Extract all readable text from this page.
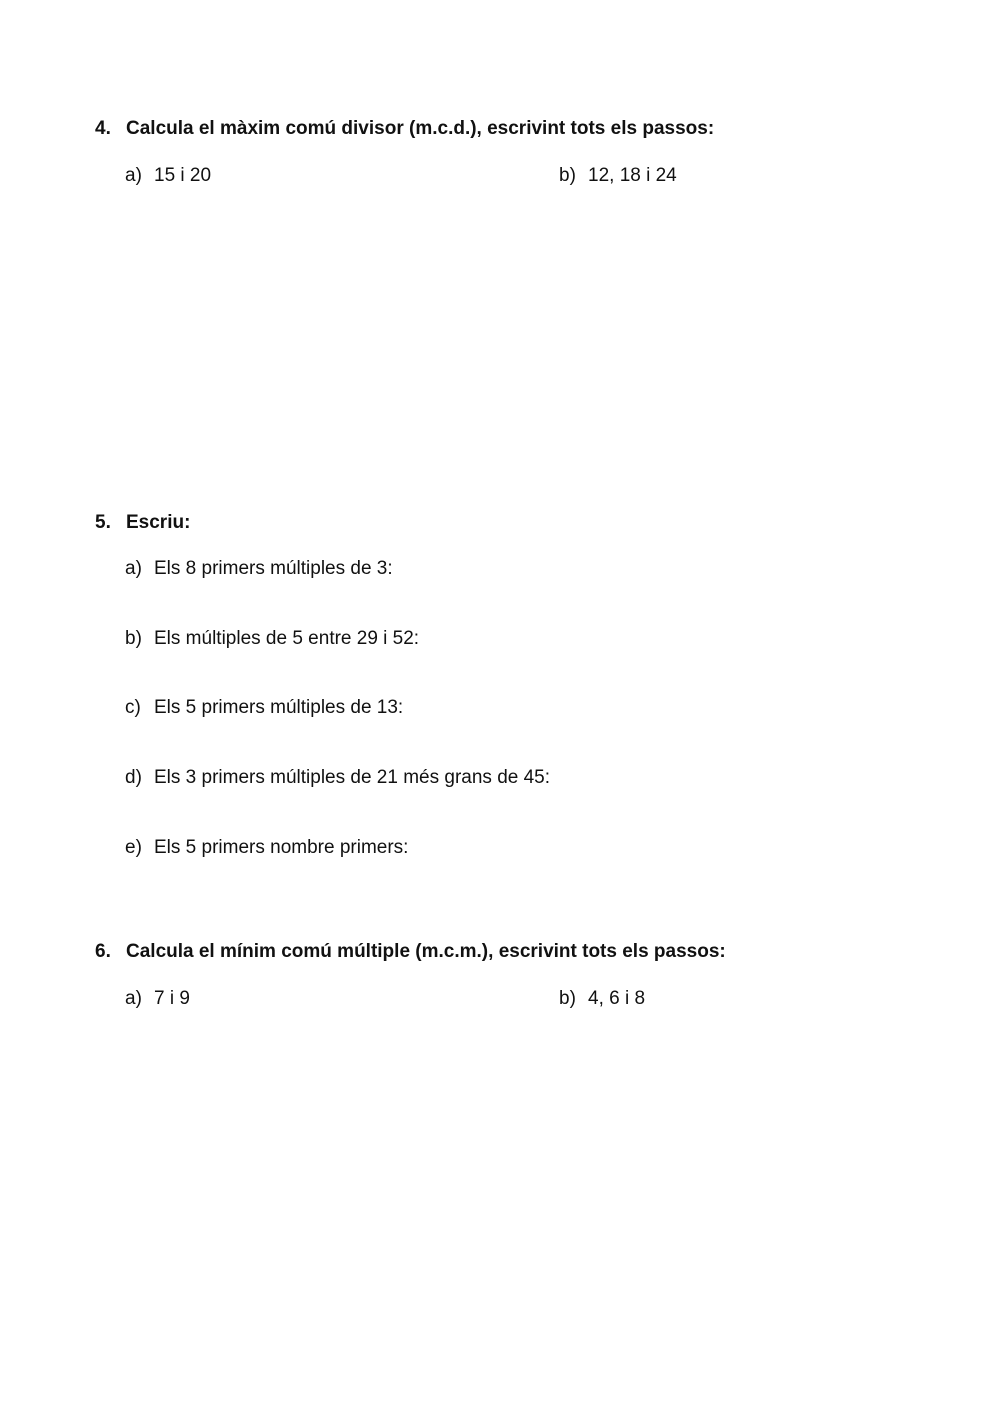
4. Calcula el màxim comú divisor (m.c.d.), escrivint tots els passos:
a) 15 i 20	b) 12, 18 i 24
5. Escriu:
a) Els 8 primers múltiples de 3:
b) Els múltiples de 5 entre 29 i 52:
c) Els 5 primers múltiples de 13:
d) Els 3 primers múltiples de 21 més grans de 45:
e) Els 5 primers nombre primers:
6. Calcula el mínim comú múltiple (m.c.m.), escrivint tots els passos:
a) 7 i 9	b) 4, 6 i 8
